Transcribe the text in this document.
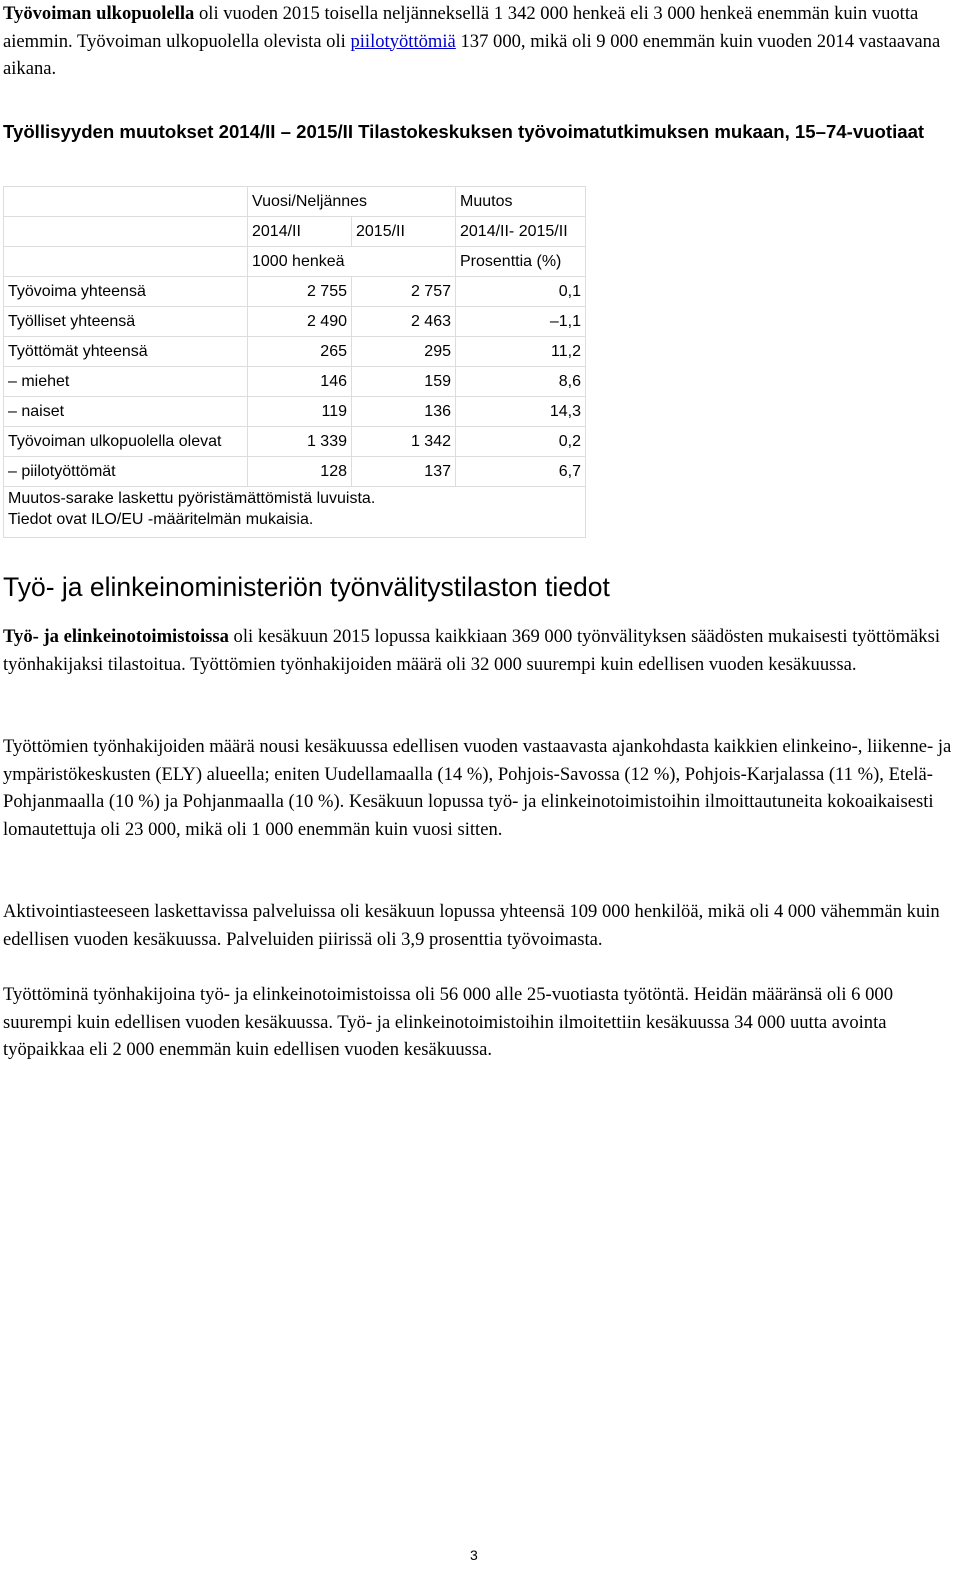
Työvoiman ulkopuolella oli vuoden 2015 toisella neljänneksellä 1 342 000 henkeä eli 3 000 henkeä enemmän kuin vuotta aiemmin. Työvoiman ulkopuolella olevista oli piilotyöttömiä 137 000, mikä oli 9 000 enemmän kuin vuoden 2014 vastaavana aikana.

Työllisyyden muutokset 2014/II – 2015/II Tilastokeskuksen työvoimatutkimuksen mukaan, 15–74-vuotiaat
	Vuosi/Neljännes		Muutos
	2014/II	2015/II	2014/II- 2015/II
	1000 henkeä		Prosenttia (%)
Työvoima yhteensä	2 755	2 757	0,1
Työlliset yhteensä	2 490	2 463	–1,1
Työttömät yhteensä	265	295	11,2
– miehet	146	159	8,6
– naiset	119	136	14,3
Työvoiman ulkopuolella olevat	1 339	1 342	0,2
– piilotyöttömät	128	137	6,7

Muutos-sarake laskettu pyöristämättömistä luvuista.
Tiedot ovat ILO/EU -määritelmän mukaisia.			
Työ- ja elinkeinoministeriön työnvälitystilaston tiedot

Työ- ja elinkeinotoimistoissa oli kesäkuun 2015 lopussa kaikkiaan 369 000 työnvälityksen säädösten mukaisesti työttömäksi työnhakijaksi tilastoitua. Työttömien työnhakijoiden määrä oli 32 000 suurempi kuin edellisen vuoden kesäkuussa.

Työttömien työnhakijoiden määrä nousi kesäkuussa edellisen vuoden vastaavasta ajankohdasta kaikkien elinkeino-, liikenne- ja ympäristökeskusten (ELY) alueella; eniten Uudellamaalla (14 %), Pohjois-Savossa (12 %), Pohjois-Karjalassa (11 %), Etelä-Pohjanmaalla (10 %) ja Pohjanmaalla (10 %). Kesäkuun lopussa työ- ja elinkeinotoimistoihin ilmoittautuneita kokoaikaisesti lomautettuja oli 23 000, mikä oli 1 000 enemmän kuin vuosi sitten.

Aktivointiasteeseen laskettavissa palveluissa oli kesäkuun lopussa yhteensä 109 000 henkilöä, mikä oli 4 000 vähemmän kuin edellisen vuoden kesäkuussa. Palveluiden piirissä oli 3,9 prosenttia työvoimasta.

Työttöminä työnhakijoina työ- ja elinkeinotoimistoissa oli 56 000 alle 25-vuotiasta työtöntä. Heidän määränsä oli 6 000 suurempi kuin edellisen vuoden kesäkuussa. Työ- ja elinkeinotoimistoihin ilmoitettiin kesäkuussa 34 000 uutta avointa työpaikkaa eli 2 000 enemmän kuin edellisen vuoden kesäkuussa.

3
